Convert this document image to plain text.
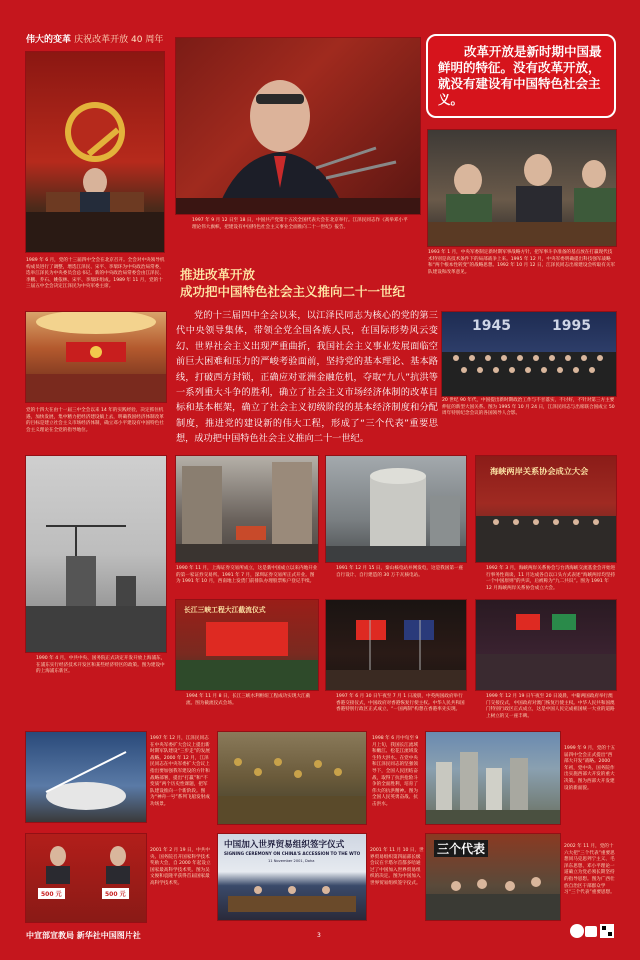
伟大的变革 庆祝改革开放 40 周年
1989 年 6 月，党的十三届四中全会在北京召开。全会对中央领导机构成员进行了调整，增选江泽民、宋平、李瑞环为中央政治局常委，选举江泽民为中央委员会总书记。新的中央政治局常委会由江泽民、李鹏、乔石、姚依林、宋平、李瑞环组成。1989 年 11 月，党的十三届五中全会决定江泽民为中央军委主席。
1997 年 9 月 12 日至 18 日，中国共产党第十五次全国代表大会在北京举行。江泽民同志作《高举邓小平理论伟大旗帜，把建设有中国特色社会主义事业全面推向二十一世纪》报告。
改革开放是新时期中国最鲜明的特征。没有改革开放，就没有建设有中国特色社会主义。
1993 年 1 月，中央军委制定新时期军事战略方针，把军事斗争准备的基点放在打赢现代技术特别是高技术条件下的局部战争上来。1995 年 12 月，中央军委明确提出科技强军战略和“两个根本性转变”的战略思想。1992 年 10 月 12 日，江泽民同志出席建设会听取有关军队建设和改革意见。
推进改革开放
成功把中国特色社会主义推向二十一世纪
党的十三届四中全会以来，以江泽民同志为核心的党的第三代中央领导集体，带领全党全国各族人民，在国际形势风云变幻、世界社会主义出现严重曲折，我国社会主义事业发展面临空前巨大困难和压力的严峻考验面前，坚持党的基本理论、基本路线，打破西方封锁，正确应对亚洲金融危机，夺取“九八”抗洪等一系列重大斗争的胜利，确立了社会主义市场经济体制的改革目标和基本框架，确立了社会主义初级阶段的基本经济制度和分配制度，推进党的建设新的伟大工程，形成了“三个代表”重要思想，成功把中国特色社会主义推向二十一世纪。
党的十四大在由十一届三中全会以来 14 年的实践经验，决定抓住机遇，加快发展，集中精力把经济建设搞上去，明确我国经济体制改革的目标是建立社会主义市场经济体制，确立邓小平建设有中国特色社会主义理论在全党的指导地位。
1945	1995
20 世纪 90 年代，中国提出新时期政治工作与不甘落实，不讨好，不针对第三方主要伸征的新型大国关系。图为 1995 年 10 月 24 日，江泽民同志与出席联合国成立 50 周年特别纪念会议的各国领导人合影。
1990 年 4 月，中共中央、国务院正式决定开发开放上海浦东，在浦东实行经济技术开发区和某些经济特区的政策。图为建设中的上海浦东新区。
1990 年 11 月，上海证券交易所成立，这是新中国成立以来内地开业的第一家证券交易所。1991 年 7 月，深圳证券交易所正式开业。图为 1991 年 10 月，西南地上发货门前排队办理股票账户登记手续。
1991 年 12 月 15 日，秦山核电站并网发电，这是我国第一座自行设计、自行建造的 30 万千瓦核电站。
海峡两岸关系协会成立大会
1992 年 3 月，海峡两岸关系协会与台湾海峡交流基金会开始进行事务性商谈，11 月达成各自以口头方式表述“海峡两岸均坚持一个中国原则”的共识，后被称为“九二共识”。图为 1991 年 12 月海峡两岸关系协会成立大会。
长江三峡工程大江截流仪式
1994 年 11 月 8 日，长江三峡水利枢纽工程成功实现大江截流。图为截流仪式会场。
1997 年 6 月 30 日午夜至 7 月 1 日凌晨，中英两国政府举行香港交接仪式，中国政府对香港恢复行使主权。中华人民共和国香港特别行政区正式成立，“一国两制”构想在香港率先实现。
1999 年 12 月 19 日午夜至 20 日凌晨，中葡两国政府举行澳门交接仪式，中国政府对澳门恢复行使主权。中华人民共和国澳门特别行政区正式成立，这是中国人民完成祖国统一大业的道路上树立的又一座丰碑。
1997 年 12 月，江泽民同志在中央军委扩大会议上提出新时期军队建设“三步走”的发展战略。2000 年 12 月，江泽民同志在中央军委扩大会议上指出要加强我军建设的方针和战略部署，提出“打赢”和“不变质”两个历史性课题，把军队建设推向一个新阶段。图为“神舟一号”系列飞船发射成功场景。
1998 年 6 月中旬至 9 月上旬，我国长江流域和嫩江、松花江流域发生特大洪水。在党中央和江泽民同志的坚强领导下，全国人民团结奋战，取得了抗洪抢险斗争的全面胜利，培育了伟大的抗洪精神。图为全国人民英勇奋战、抗击洪水。
1999 年 9 月，党的十五届四中全会正式提出“西部大开发”战略。2000 年初，党中央、国务院作出实施西部大开发的重大决策。图为西部大开发建设的新面貌。
500 元	500 元
2001 年 2 月 19 日，中共中央、国务院召开国家科学技术奖励大会，自 2000 年起设立国家最高科学技术奖。图为吴文俊和袁隆平获得首届国家最高科学技术奖。
中国加入世界贸易组织签字仪式
SIGNING CEREMONY ON CHINA'S ACCESSION TO THE WTO
11 November 2001, Doha
2001 年 11 月 10 日，世界贸易组织第四届部长级会议在卡塔尔首都多哈通过了中国加入世界贸易组织的决定。图为中国加入世界贸易组织签字仪式。
三个代表	2002 年 11 月，党的十六大把“三个代表”重要思想同马克思列宁主义、毛泽东思想、邓小平理论一道确立为党必须长期坚持的指导思想。图为广西壮族自治区干部群众学习“三个代表”重要思想。
中宣部宣教局 新华社中国图片社	3
